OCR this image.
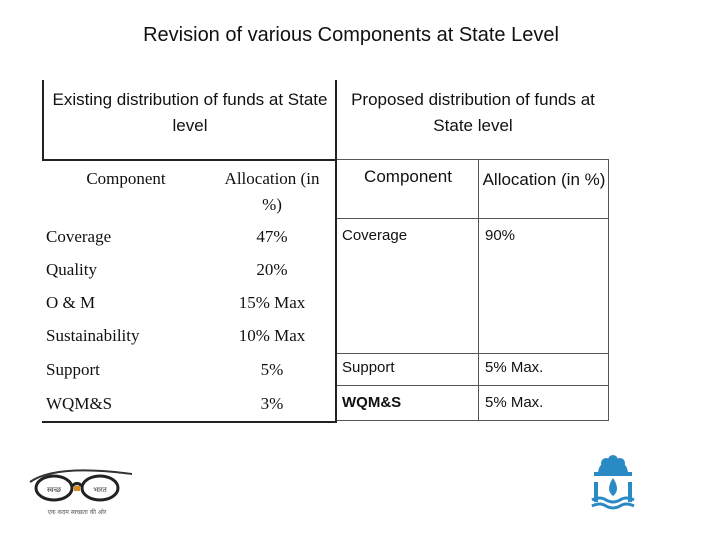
Revision of various Components at State Level
Existing distribution of funds at State level
Component	Allocation (in %)
Coverage	47%
Quality	20%
O & M	15% Max
Sustainability	10% Max
Support	5%
WQM&S	3%
Proposed distribution of funds at State level
Component	Allocation (in %)
Coverage	90%
Support	5% Max.
WQM&S	5% Max.
स्वच्छ	भारत
एक कदम स्वच्छता की ओर
